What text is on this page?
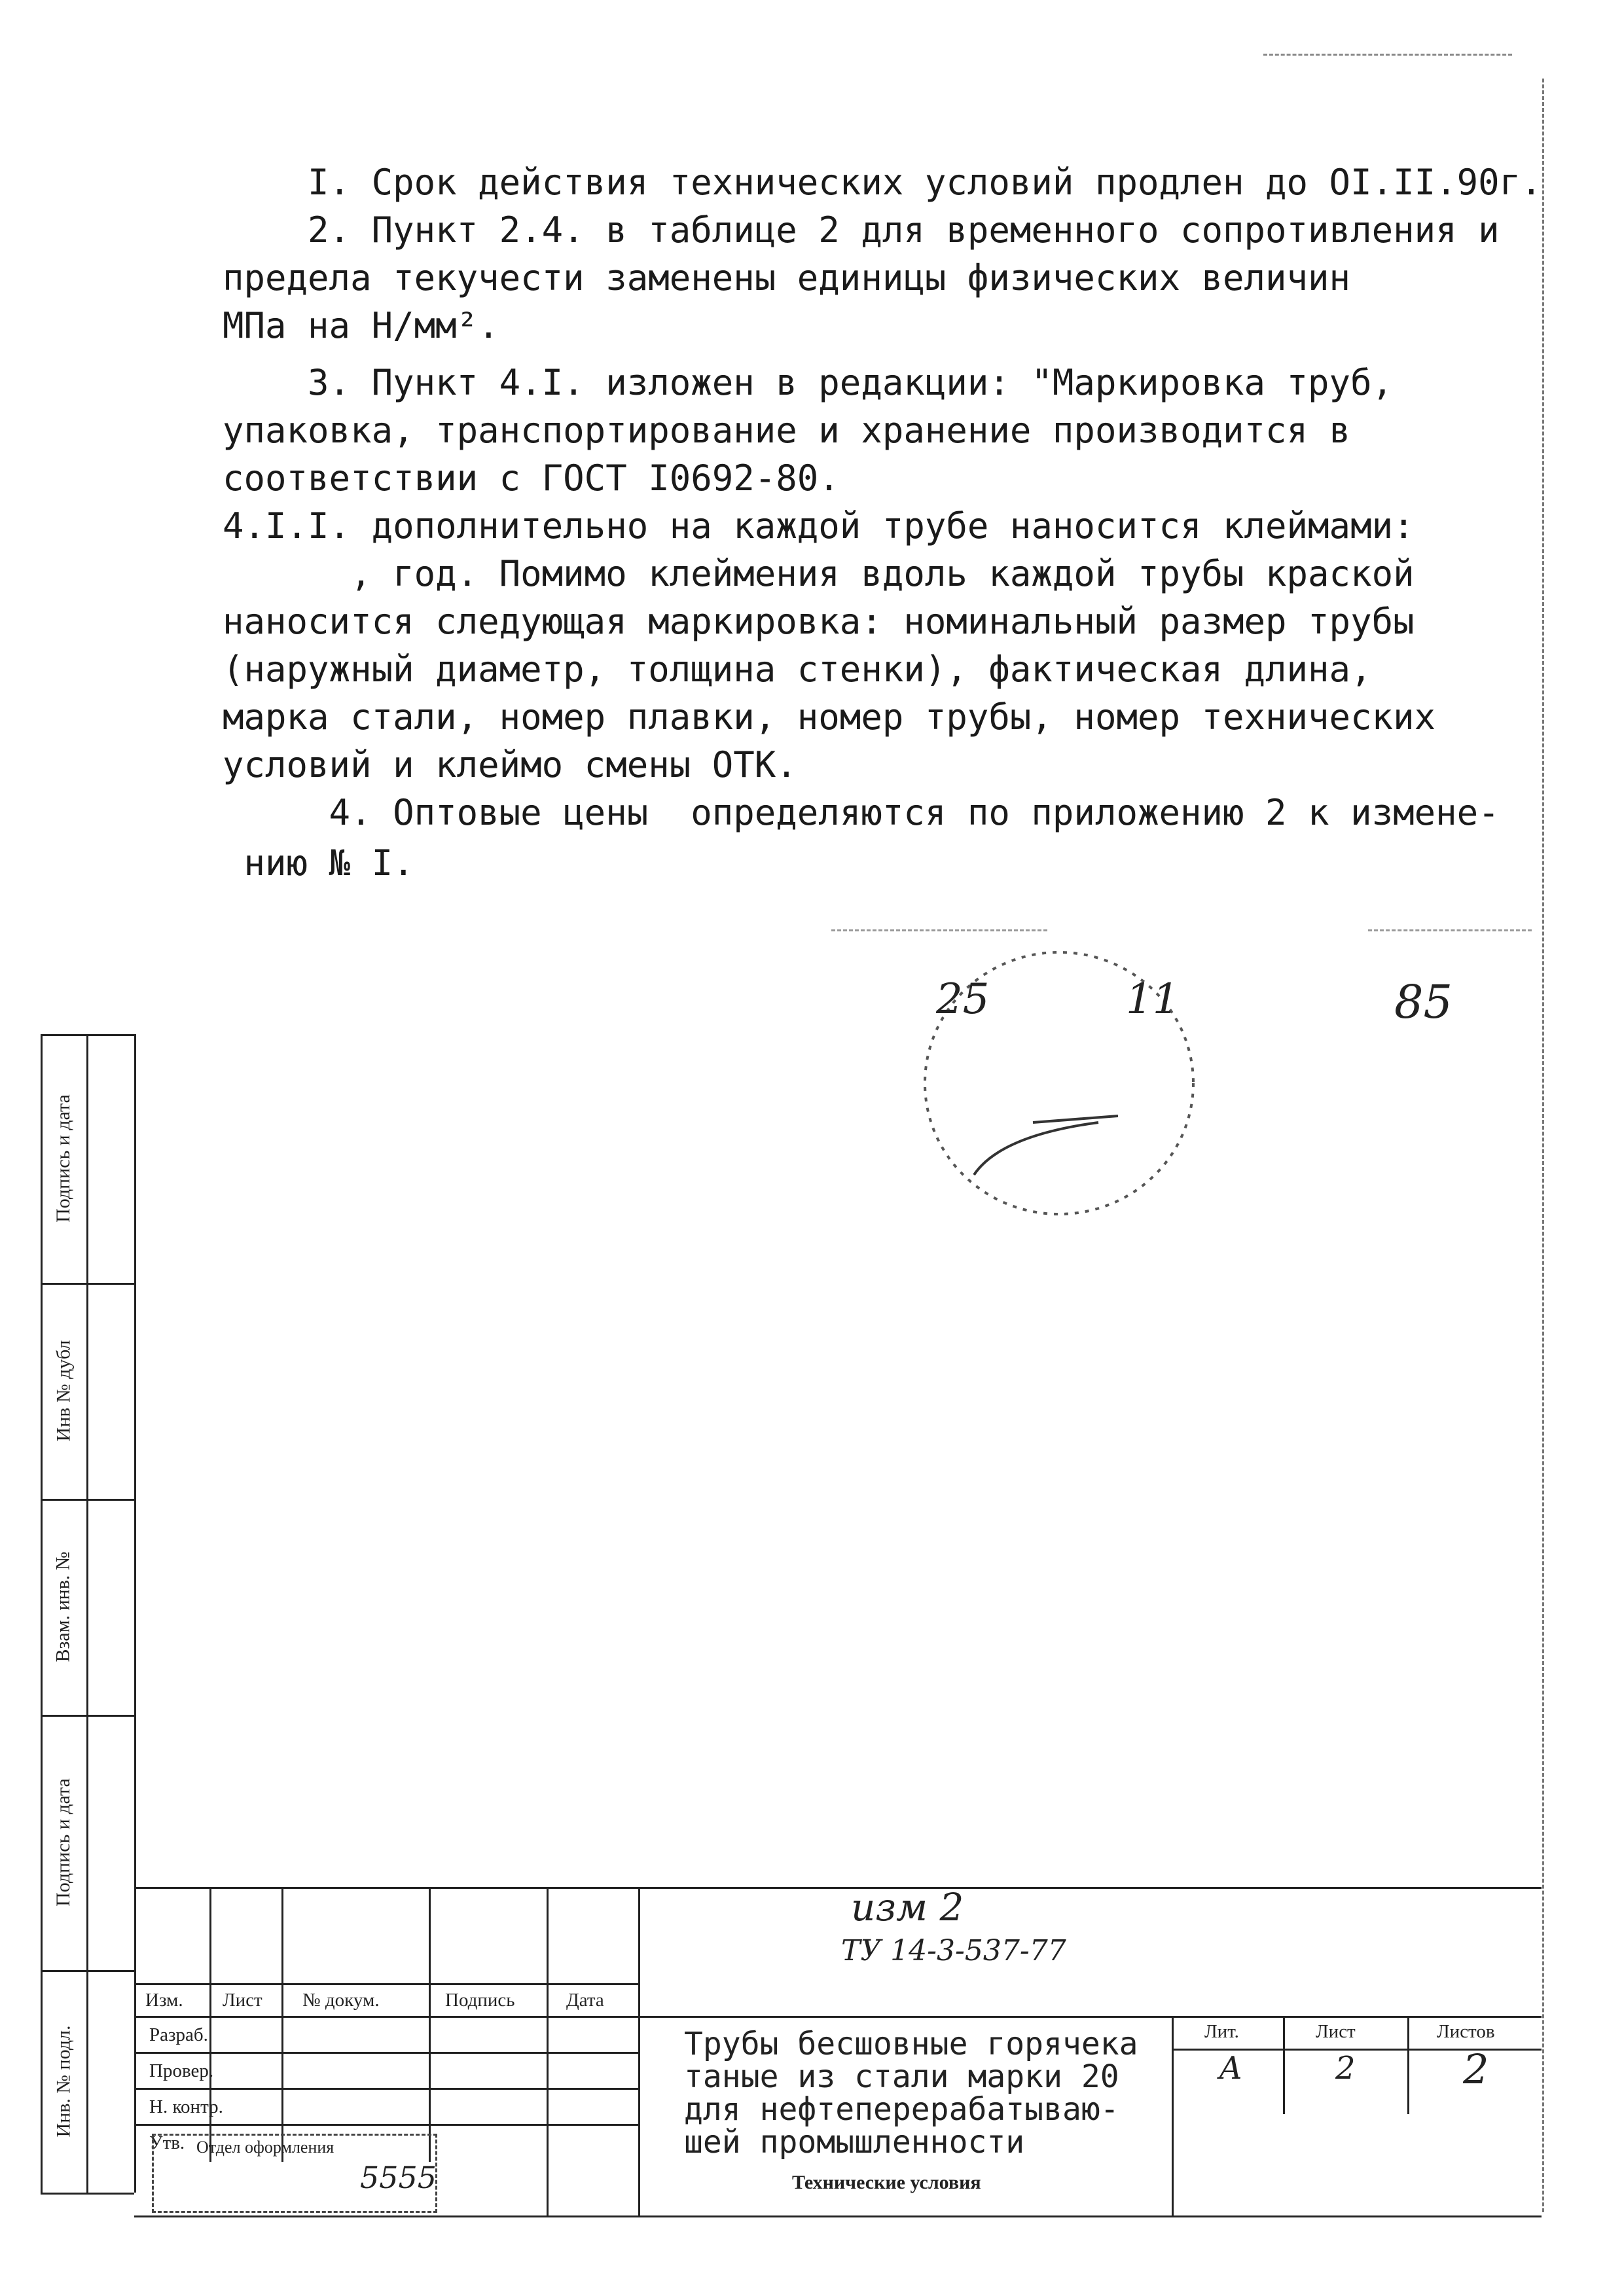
I. Срок действия технических условий продлен до OI.II.90г.
2. Пункт 2.4. в таблице 2 для временного сопротивления и
предела текучести заменены единицы физических величин
МПа на Н/мм².
3. Пункт 4.I. изложен в редакции: "Маркировка труб,
упаковка, транспортирование и хранение производится в
соответствии с ГОСТ I0692-80.
4.I.I. дополнительно на каждой трубе наносится клеймами:
, год. Помимо клеймения вдоль каждой трубы краской
наносится следующая маркировка: номинальный размер трубы
(наружный диаметр, толщина стенки), фактическая длина,
марка стали, номер плавки, номер трубы, номер технических
условий и клеймо смены ОТК.
4. Оптовые цены  определяются по приложению 2 к измене-
нию № I.
25	11	85
Подпись и дата
Инв № дубл
Взам. инв. №
Подпись и дата
Инв. № подл.
Изм. Лист № докум.	Подпись	Дата
Разраб.
Провер.
Н. контр.
Утв.
изм 2
ТУ 14-3-537-77
Трубы бесшовные горячека
таные из стали марки 20
для нефтеперерабатываю-
шей промышленности
Технические условия
Лит.	Лист	Листов
А	2	2
Отдел оформления
5555
